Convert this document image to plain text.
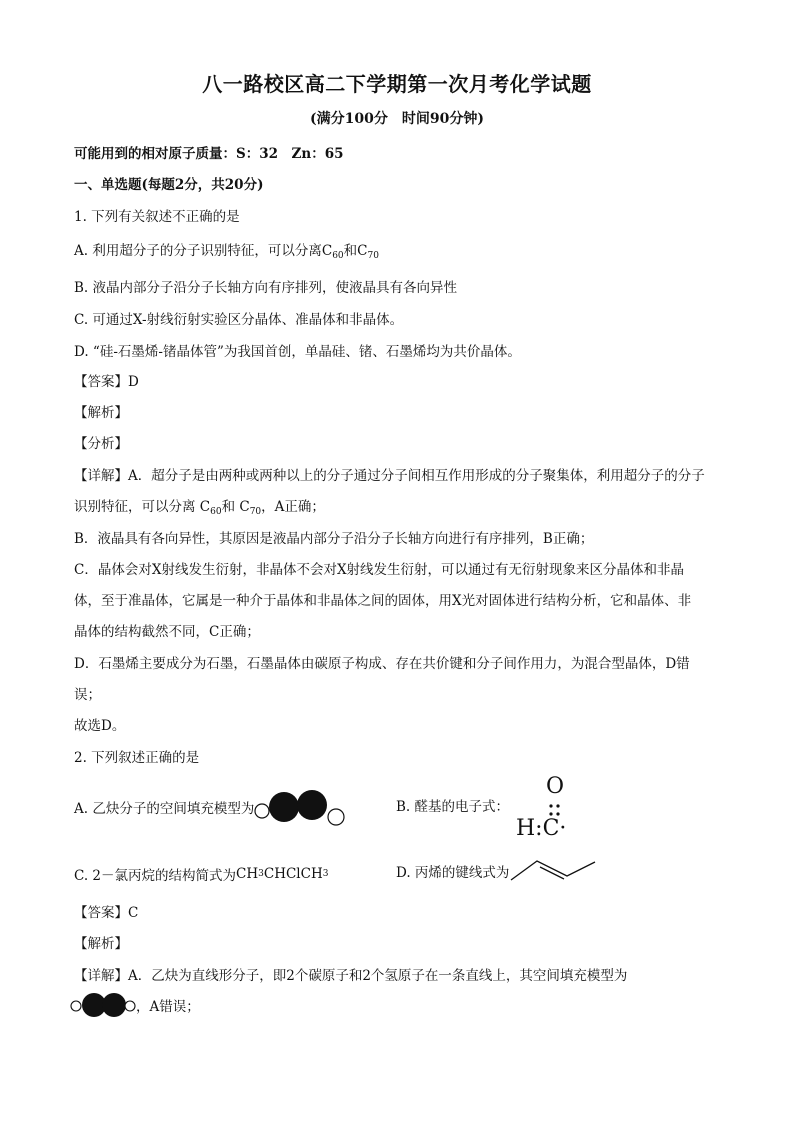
八一路校区高二下学期第一次月考化学试题
(满分100分　时间90分钟)
可能用到的相对原子质量：S：32　Zn：65
一、单选题(每题2分，共20分)
1. 下列有关叙述不正确的是
A. 利用超分子的分子识别特征，可以分离$C_{60}$和$C_{70}$
B. 液晶内部分子沿分子长轴方向有序排列，使液晶具有各向异性
C. 可通过X-射线衍射实验区分晶体、准晶体和非晶体。
D. “硅-石墨烯-锗晶体管”为我国首创，单晶硅、锗、石墨烯均为共价晶体。
【答案】D
【解析】
【分析】
【详解】A．超分子是由两种或两种以上的分子通过分子间相互作用形成的分子聚集体，利用超分子的分子
识别特征，可以分离 $C_{60}$和 $C_{70}$，A正确；
B．液晶具有各向异性，其原因是液晶内部分子沿分子长轴方向进行有序排列，B正确；
C．晶体会对X射线发生衍射，非晶体不会对X射线发生衍射，可以通过有无衍射现象来区分晶体和非晶
体，至于准晶体，它属是一种介于晶体和非晶体之间的固体，用X光对固体进行结构分析，它和晶体、非
晶体的结构截然不同，C正确；
D．石墨烯主要成分为石墨，石墨晶体由碳原子构成、存在共价键和分子间作用力，为混合型晶体，D错
误；
故选D。
2. 下列叙述正确的是
A. 乙炔分子的空间填充模型为	B. 醛基的电子式：
O
H:C·
C. 2－氯丙烷的结构简式为 CH 3 CHClCH 3	D. 丙烯的键线式为
【答案】C
【解析】
【详解】A．乙炔为直线形分子，即2个碳原子和2个氢原子在一条直线上，其空间填充模型为
，A错误；
